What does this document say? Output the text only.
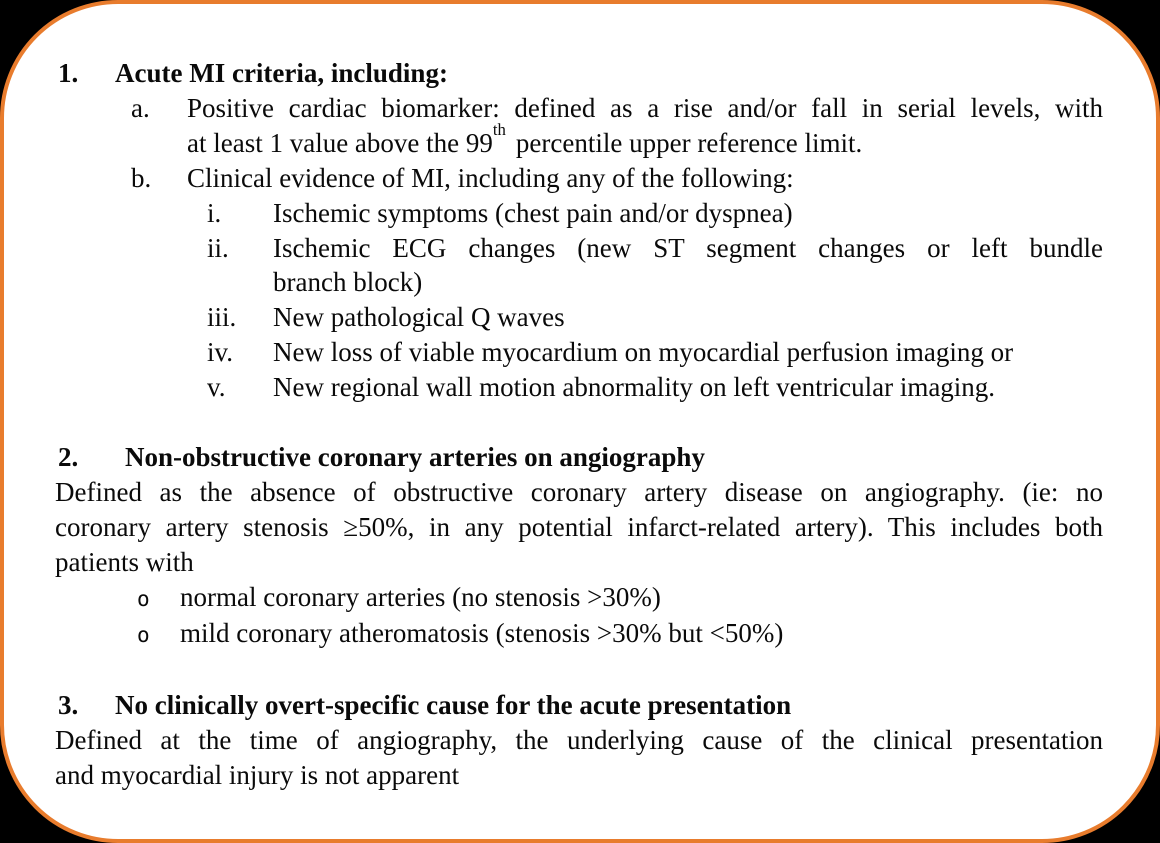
1.	Acute MI criteria, including:
a.	Positive cardiac biomarker: defined as a rise and/or fall in serial levels, with
at least 1 value above the 99th percentile upper reference limit.
b.	Clinical evidence of MI, including any of the following:
i.	Ischemic symptoms (chest pain and/or dyspnea)
ii.	Ischemic ECG changes (new ST segment changes or left bundle
branch block)
iii.	New pathological Q waves
iv.	New loss of viable myocardium on myocardial perfusion imaging or
v.	New regional wall motion abnormality on left ventricular imaging.
2.	Non-obstructive coronary arteries on angiography
Defined as the absence of obstructive coronary artery disease on angiography. (ie: no
coronary artery stenosis ≥50%, in any potential infarct-related artery). This includes both
patients with
o	normal coronary arteries (no stenosis >30%)
o	mild coronary atheromatosis (stenosis >30% but <50%)
3.	No clinically overt-specific cause for the acute presentation
Defined at the time of angiography, the underlying cause of the clinical presentation
and myocardial injury is not apparent
